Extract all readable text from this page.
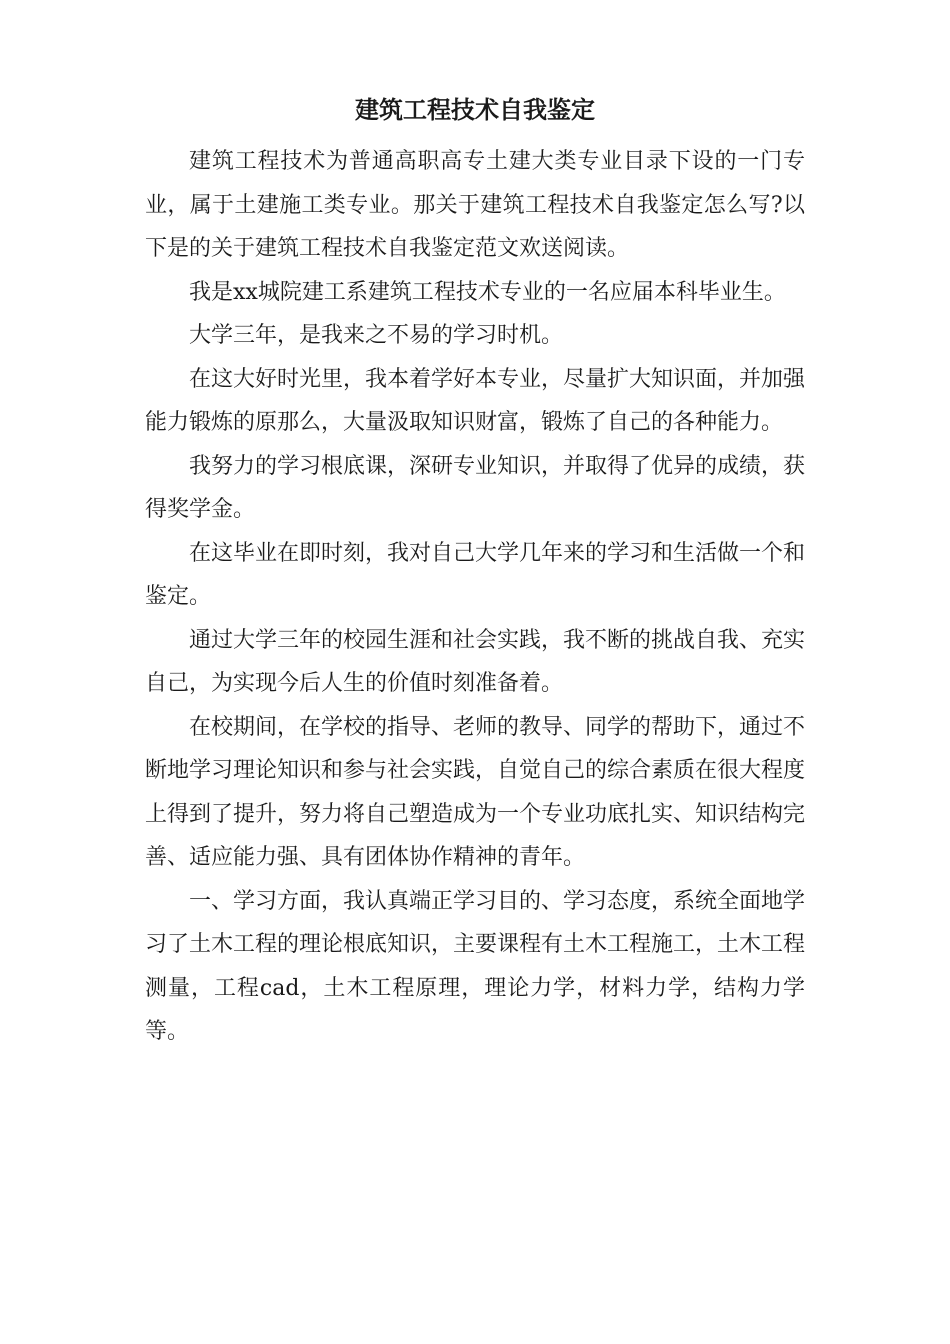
建筑工程技术自我鉴定

建筑工程技术为普通高职高专土建大类专业目录下设的一门专业，属于土建施工类专业。那关于建筑工程技术自我鉴定怎么写?以下是的关于建筑工程技术自我鉴定范文欢送阅读。

我是xx城院建工系建筑工程技术专业的一名应届本科毕业生。

大学三年，是我来之不易的学习时机。

在这大好时光里，我本着学好本专业，尽量扩大知识面，并加强能力锻炼的原那么，大量汲取知识财富，锻炼了自己的各种能力。

我努力的学习根底课，深研专业知识，并取得了优异的成绩，获得奖学金。

在这毕业在即时刻，我对自己大学几年来的学习和生活做一个和鉴定。

通过大学三年的校园生涯和社会实践，我不断的挑战自我、充实自己，为实现今后人生的价值时刻准备着。

在校期间，在学校的指导、老师的教导、同学的帮助下，通过不断地学习理论知识和参与社会实践，自觉自己的综合素质在很大程度上得到了提升，努力将自己塑造成为一个专业功底扎实、知识结构完善、适应能力强、具有团体协作精神的青年。

一、学习方面，我认真端正学习目的、学习态度，系统全面地学习了土木工程的理论根底知识，主要课程有土木工程施工，土木工程测量，工程cad，土木工程原理，理论力学，材料力学，结构力学等。
